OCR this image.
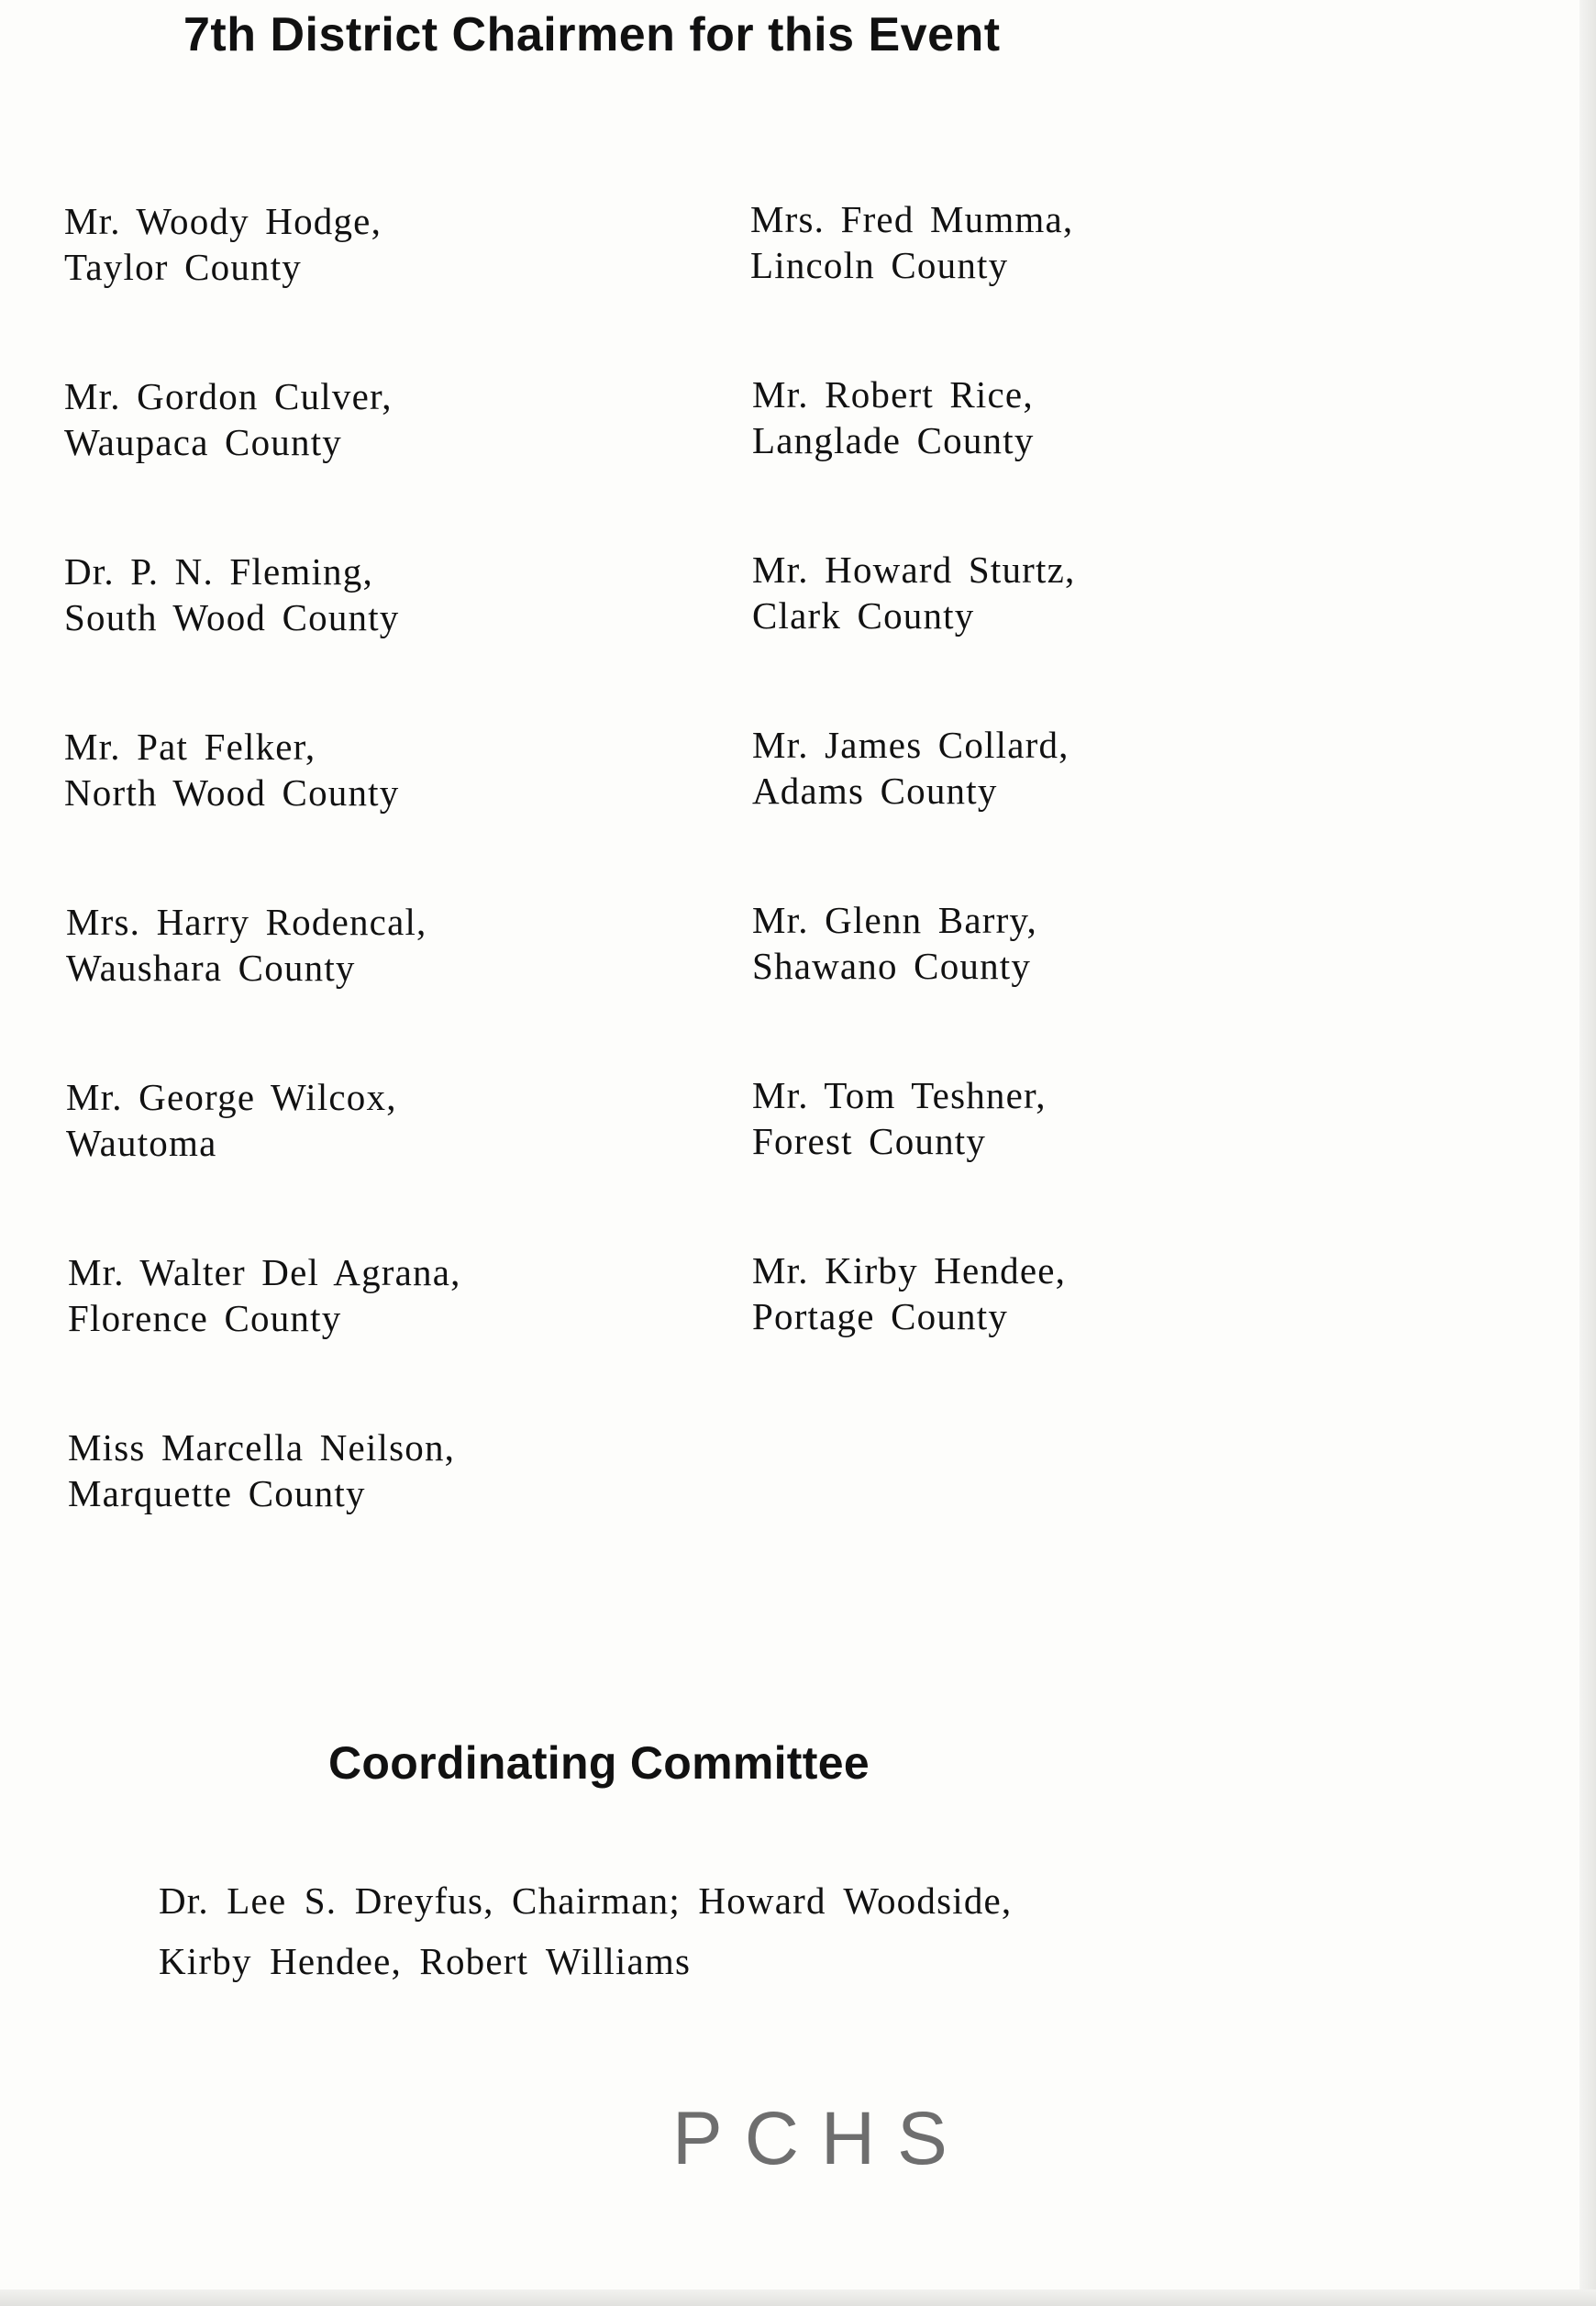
7th District Chairmen for this Event
Mr. Woody Hodge,
Taylor County
Mr. Gordon Culver,
Waupaca County
Dr. P. N. Fleming,
South Wood County
Mr. Pat Felker,
North Wood County
Mrs. Harry Rodencal,
Waushara County
Mr. George Wilcox,
Wautoma
Mr. Walter Del Agrana,
Florence County
Miss Marcella Neilson,
Marquette County
Mrs. Fred Mumma,
Lincoln County
Mr. Robert Rice,
Langlade County
Mr. Howard Sturtz,
Clark County
Mr. James Collard,
Adams County
Mr. Glenn Barry,
Shawano County
Mr. Tom Teshner,
Forest County
Mr. Kirby Hendee,
Portage County
Coordinating Committee
Dr. Lee S. Dreyfus, Chairman; Howard Woodside,
Kirby Hendee, Robert Williams
PCHS
